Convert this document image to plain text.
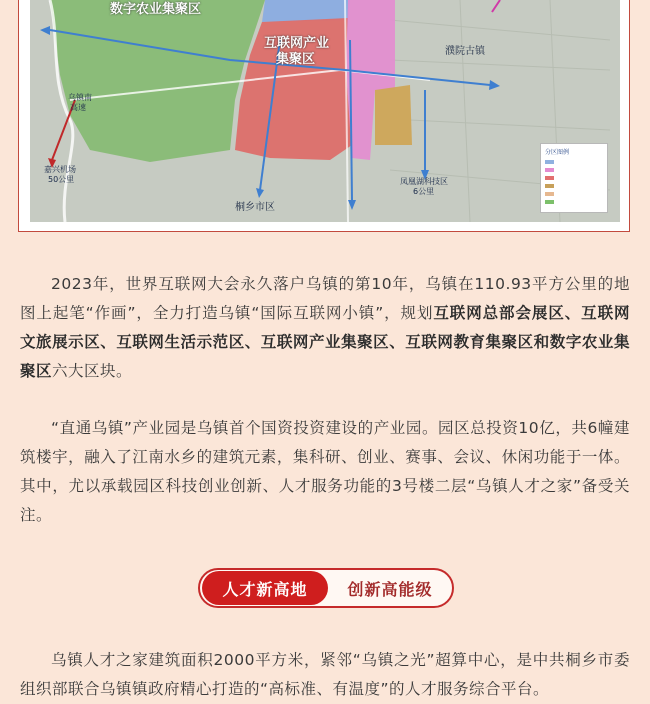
数字农业集聚区
互联网产业
集聚区
濮院古镇
桐乡市区
乌镇南
高速
嘉兴机场
50公里	凤凰湖科技区
6公里
分区图例

2023年，世界互联网大会永久落户乌镇的第10年，乌镇在110.93平方公里的地图上起笔“作画”，全力打造乌镇“国际互联网小镇”，规划互联网总部会展区、互联网文旅展示区、互联网生活示范区、互联网产业集聚区、互联网教育集聚区和数字农业集聚区六大区块。

“直通乌镇”产业园是乌镇首个国资投资建设的产业园。园区总投资10亿，共6幢建筑楼宇，融入了江南水乡的建筑元素，集科研、创业、赛事、会议、休闲功能于一体。其中，尤以承载园区科技创业创新、人才服务功能的3号楼二层“乌镇人才之家”备受关注。

人才新高地	创新高能级

乌镇人才之家建筑面积2000平方米，紧邻“乌镇之光”超算中心，是中共桐乡市委组织部联合乌镇镇政府精心打造的“高标准、有温度”的人才服务综合平台。
